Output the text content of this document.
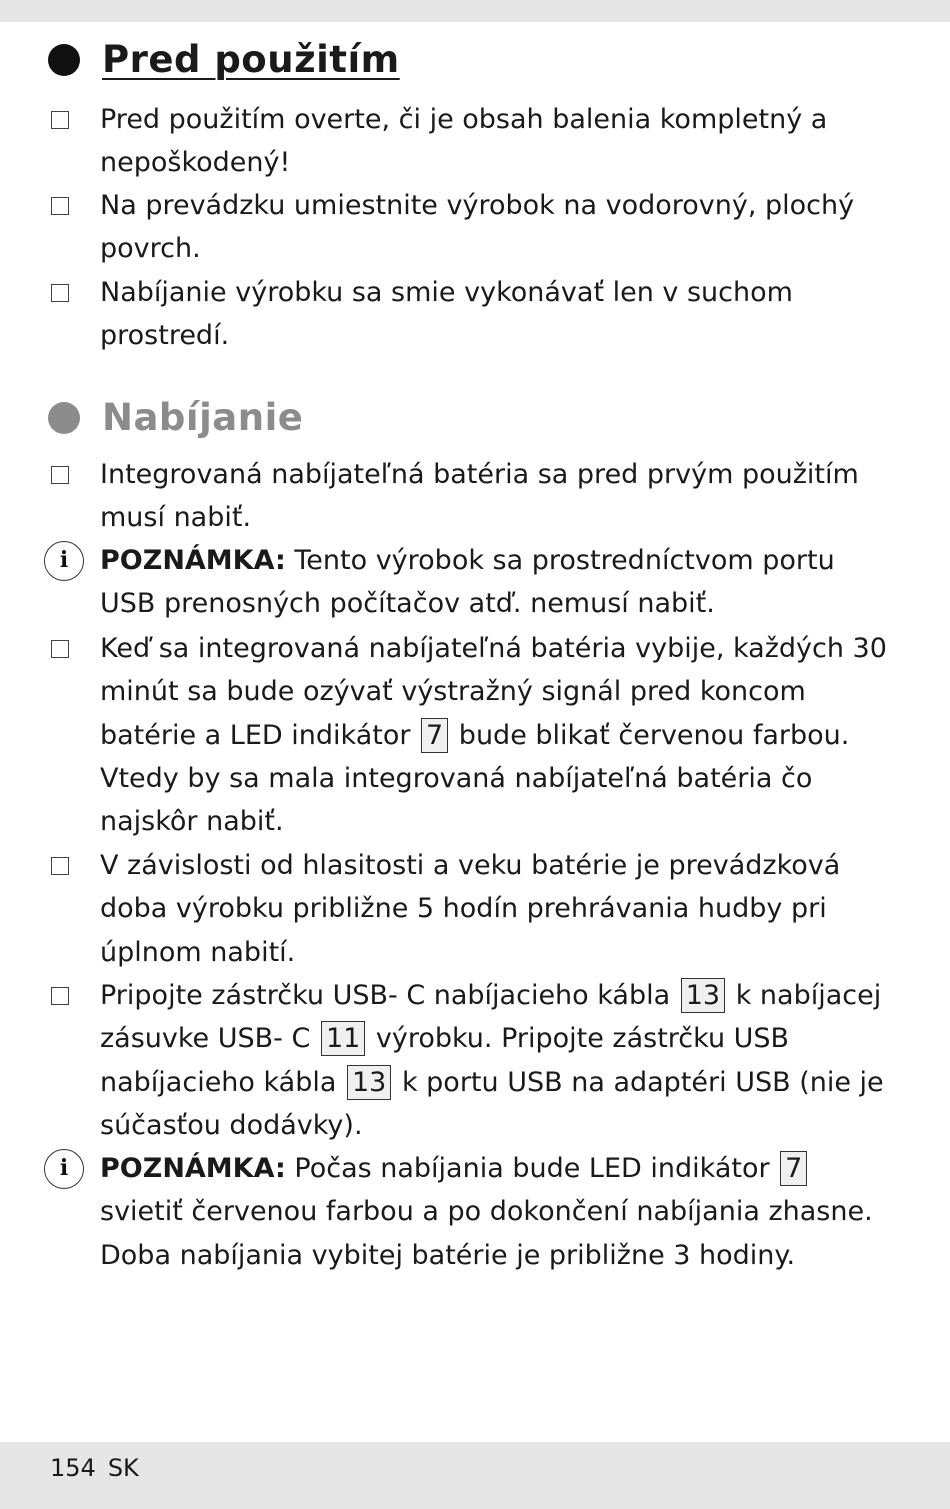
Pred použitím
Pred použitím overte, či je obsah balenia kompletný a nepoškodený!
Na prevádzku umiestnite výrobok na vodorovný, plochý povrch.
Nabíjanie výrobku sa smie vykonávať len v suchom prostredí.
Nabíjanie
Integrovaná nabíjateľná batéria sa pred prvým použitím musí nabiť.
i	POZNÁMKA: Tento výrobok sa prostredníctvom portu USB prenosných počítačov atď. nemusí nabiť.
Keď sa integrovaná nabíjateľná batéria vybije, každých 30 minút sa bude ozývať výstražný signál pred koncom batérie a LED indikátor 7 bude blikať červenou farbou. Vtedy by sa mala integrovaná nabíjateľná batéria čo najskôr nabiť.
V závislosti od hlasitosti a veku batérie je prevádzková doba výrobku približne 5 hodín prehrávania hudby pri úplnom nabití.
Pripojte zástrčku USB- C nabíjacieho kábla 13 k nabíjacej zásuvke USB- C 11 výrobku. Pripojte zástrčku USB nabíjacieho kábla 13 k portu USB na adaptéri USB (nie je súčasťou dodávky).
i	POZNÁMKA: Počas nabíjania bude LED indikátor 7 svietiť červenou farbou a po dokončení nabíjania zhasne. Doba nabíjania vybitej batérie je približne 3 hodiny.
154 SK
